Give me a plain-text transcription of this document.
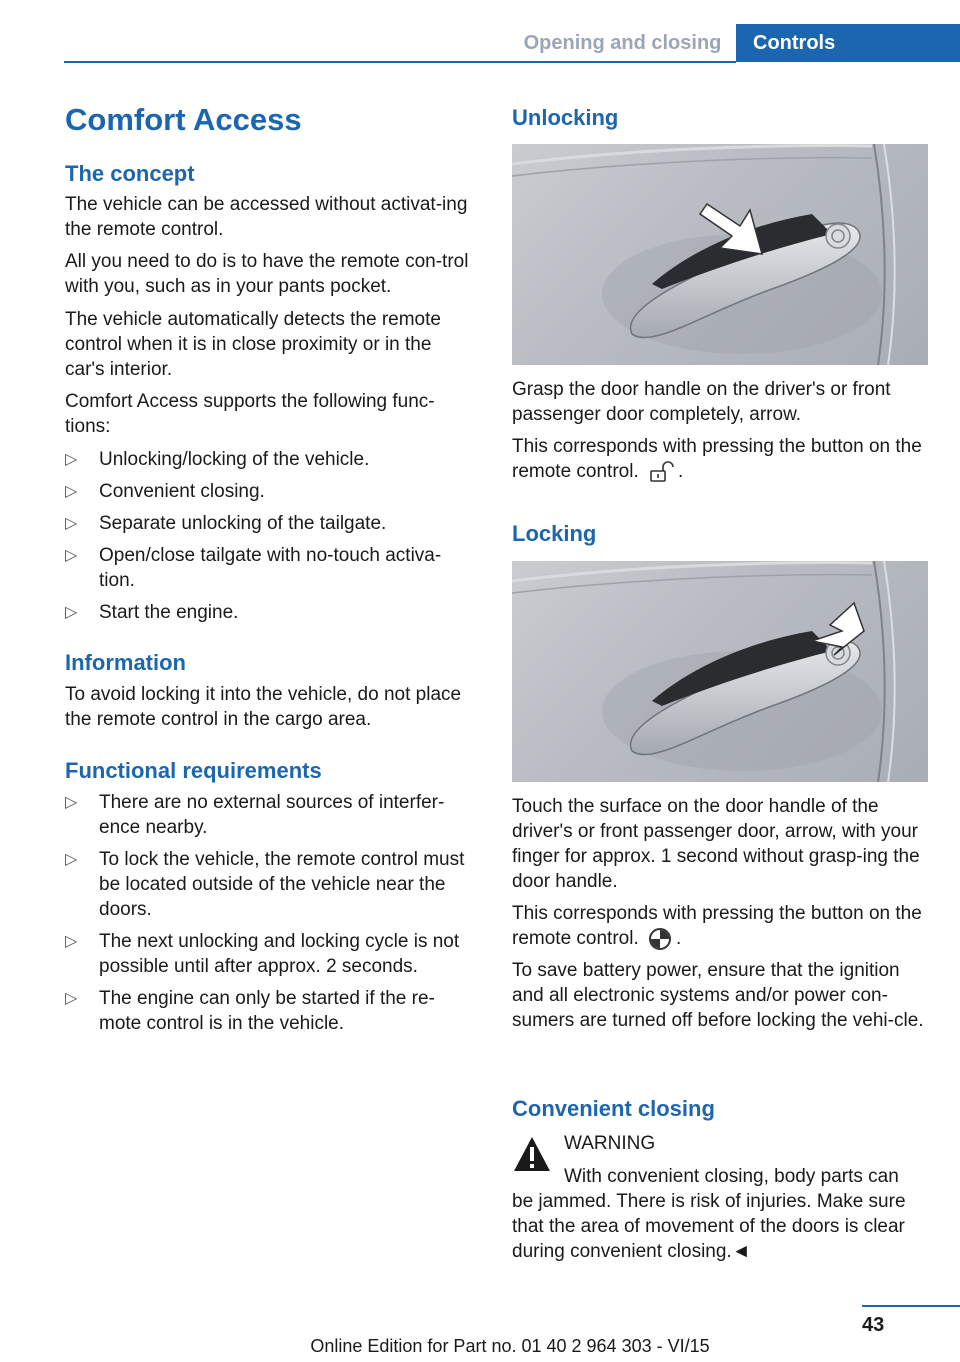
Opening and closing	Controls
Comfort Access
The concept

The vehicle can be accessed without activat-ing the remote control.

All you need to do is to have the remote con-trol with you, such as in your pants pocket.

The vehicle automatically detects the remote control when it is in close proximity or in the car's interior.

Comfort Access supports the following func-tions:

▷ Unlocking/locking of the vehicle.
▷ Convenient closing.
▷ Separate unlocking of the tailgate.
▷ Open/close tailgate with no-touch activa-tion.
▷ Start the engine.
Information

To avoid locking it into the vehicle, do not place the remote control in the cargo area.

Functional requirements
▷ There are no external sources of interfer-ence nearby.
▷ To lock the vehicle, the remote control must be located outside of the vehicle near the doors.
▷ The next unlocking and locking cycle is not possible until after approx. 2 seconds.
▷ The engine can only be started if the re-mote control is in the vehicle.
Unlocking

Grasp the door handle on the driver's or front passenger door completely, arrow.

This corresponds with pressing the button on the remote control. .

Locking

Touch the surface on the door handle of the driver's or front passenger door, arrow, with your finger for approx. 1 second without grasp-ing the door handle.

This corresponds with pressing the button on the remote control. .

To save battery power, ensure that the ignition and all electronic systems and/or power con-sumers are turned off before locking the vehi-cle.

Convenient closing

WARNING

With convenient closing, body parts can

be jammed. There is risk of injuries. Make sure that the area of movement of the doors is clear during convenient closing.◄

43
Online Edition for Part no. 01 40 2 964 303 - VI/15
